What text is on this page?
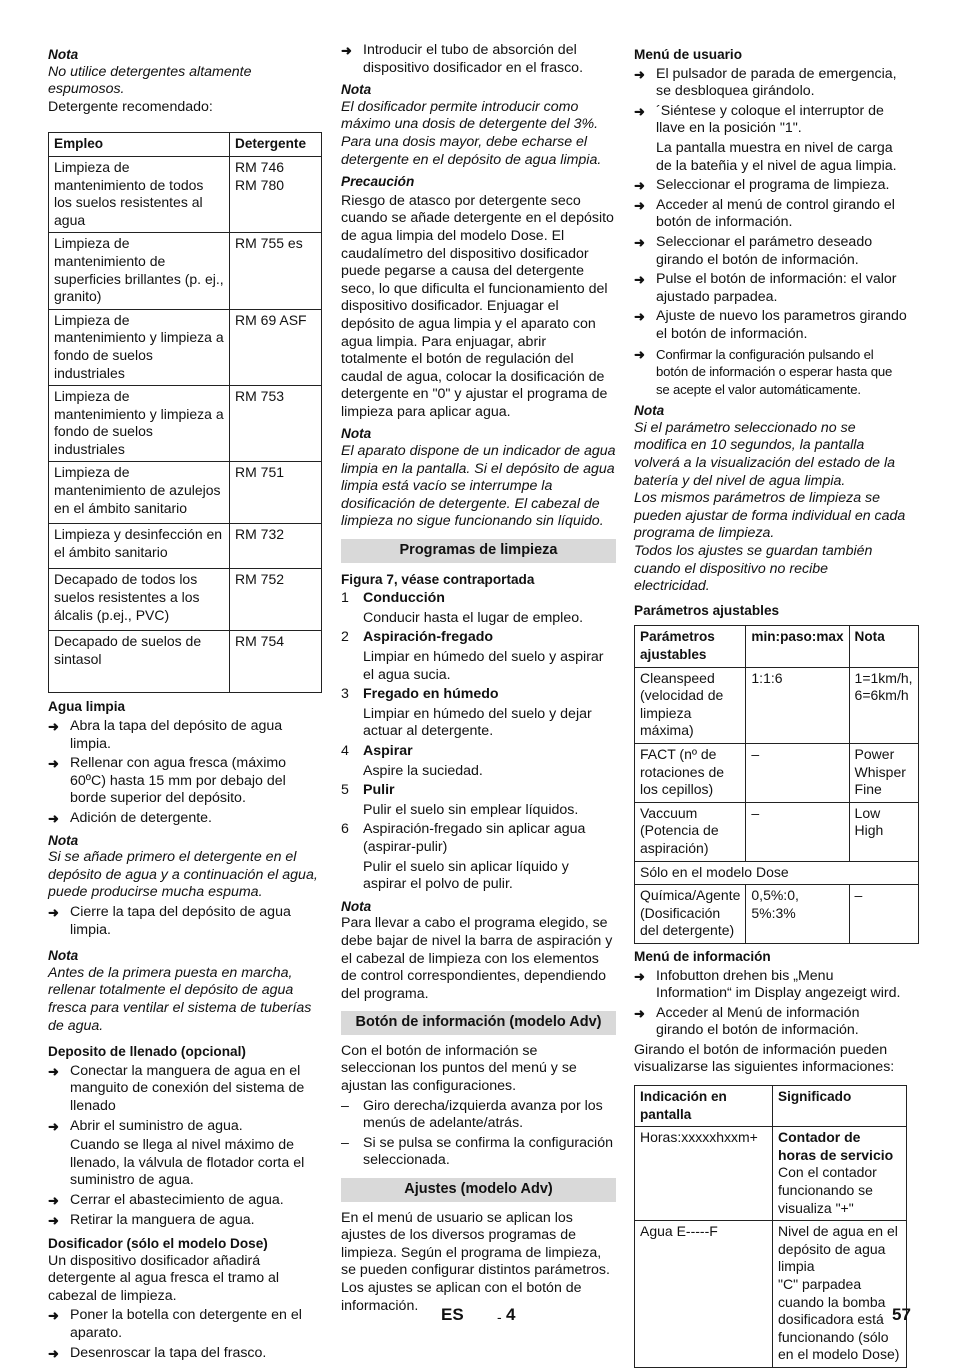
Nota
No utilice detergentes altamente espumosos.
Detergente recomendado:
Empleo	Detergente
Limpieza de mantenimiento de todos los suelos resistentes al agua	RM 746
RM 780
Limpieza de mantenimiento de superficies brillantes (p. ej., granito)	RM 755 es
Limpieza de mantenimiento y limpieza a fondo de suelos industriales	RM 69 ASF
Limpieza de mantenimiento y limpieza a fondo de suelos industriales	RM 753
Limpieza de mantenimiento de azulejos en el ámbito sanitario	RM 751
Limpieza y desinfección en el ámbito sanitario	RM 732
Decapado de todos los suelos resistentes a los álcalis (p.ej., PVC)	RM 752
Decapado de suelos de sintasol	RM 754
Agua limpia
➜ Abra la tapa del depósito de agua limpia.
➜ Rellenar con agua fresca (máximo 60ºC) hasta 15 mm por debajo del borde superior del depósito.
➜ Adición de detergente.
Nota
Si se añade primero el detergente en el depósito de agua y a continuación el agua, puede producirse mucha espuma.
➜ Cierre la tapa del depósito de agua limpia.
Nota
Antes de la primera puesta en marcha, rellenar totalmente el depósito de agua fresca para ventilar el sistema de tuberías de agua.
Deposito de llenado (opcional)
➜ Conectar la manguera de agua en el manguito de conexión del sistema de llenado
➜ Abrir el suministro de agua.
Cuando se llega al nivel máximo de llenado, la válvula de flotador corta el suministro de agua.
➜ Cerrar el abastecimiento de agua.
➜ Retirar la manguera de agua.
Dosificador (sólo el modelo Dose)
Un dispositivo dosificador añadirá detergente al agua fresca el tramo al cabezal de limpieza.
➜ Poner la botella con detergente en el aparato.
➜ Desenroscar la tapa del frasco.
➜ Introducir el tubo de absorción del dispositivo dosificador en el frasco.
Nota
El dosificador permite introducir como máximo una dosis de detergente del 3%. Para una dosis mayor, debe echarse el detergente en el depósito de agua limpia.
Precaución
Riesgo de atasco por detergente seco cuando se añade detergente en el depósito de agua limpia del modelo Dose. El caudalímetro del dispositivo dosificador puede pegarse a causa del detergente seco, lo que dificulta el funcionamiento del dispositivo dosificador. Enjuagar el depósito de agua limpia y el aparato con agua limpia. Para enjuagar, abrir totalmente el botón de regulación del caudal de agua, colocar la dosificación de detergente en "0" y ajustar el programa de limpieza para aplicar agua.
Nota
El aparato dispone de un indicador de agua limpia en la pantalla. Si el depósito de agua limpia está vacío se interrumpe la dosificación de detergente. El cabezal de limpieza no sigue funcionando sin líquido.
Programas de limpieza
Figura 7, véase contraportada
1 Conducción
Conducir hasta el lugar de empleo.
2 Aspiración-fregado
Limpiar en húmedo del suelo y aspirar el agua sucia.
3 Fregado en húmedo
Limpiar en húmedo del suelo y dejar actuar al detergente.
4 Aspirar
Aspire la suciedad.
5 Pulir
Pulir el suelo sin emplear líquidos.
6 Aspiración-fregado sin aplicar agua (aspirar-pulir)
Pulir el suelo sin aplicar líquido y aspirar el polvo de pulir.
Nota
Para llevar a cabo el programa elegido, se debe bajar de nivel la barra de aspiración y el cabezal de limpieza con los elementos de control correspondientes, dependiendo del programa.
Botón de información (modelo Adv)
Con el botón de información se seleccionan los puntos del menú y se ajustan las configuraciones.
– Giro derecha/izquierda avanza por los menús de adelante/atrás.
– Si se pulsa se confirma la configuración seleccionada.
Ajustes (modelo Adv)
En el menú de usuario se aplican los ajustes de los diversos programas de limpieza. Según el programa de limpieza, se pueden configurar distintos parámetros. Los ajustes se aplican con el botón de información.
Menú de usuario
➜ El pulsador de parada de emergencia, se desbloquea girándolo.
➜ ´Siéntese y coloque el interruptor de llave en la posición "1".
La pantalla muestra en nivel de carga de la bateñia y el nivel de agua limpia.
➜ Seleccionar el programa de limpieza.
➜ Acceder al menú de control girando el botón de información.
➜ Seleccionar el parámetro deseado girando el botón de información.
➜ Pulse el botón de información: el valor ajustado parpadea.
➜ Ajuste de nuevo los parametros girando el botón de información.
➜ Confirmar la configuración pulsando el botón de información o esperar hasta que se acepte el valor automáticamente.
Nota
Si el parámetro seleccionado no se modifica en 10 segundos, la pantalla volverá a la visualización del estado de la batería y del nivel de agua limpia.
Los mismos parámetros de limpieza se pueden ajustar de forma individual en cada programa de limpieza.
Todos los ajustes se guardan también cuando el dispositivo no recibe electricidad.
Parámetros ajustables
Parámetros ajustables	min:paso:max	Nota
Cleanspeed (velocidad de limpieza máxima)	1:1:6	1=1km/h, 6=6km/h
FACT (nº de rotaciones de los cepillos)	–	Power
Whisper
Fine
Vaccuum (Potencia de aspiración)	–	Low
High
Sólo en el modelo Dose		
Química/Agente (Dosificación del detergente)	0,5%:0, 5%:3%	–
Menú de información
➜ Infobutton drehen bis „Menu Information“ im Display angezeigt wird.
➜ Acceder al Menú de información girando el botón de información.
Girando el botón de información pueden visualizarse las siguientes informaciones:
Indicación en pantalla	Significado
Horas:xxxxxhxxm+	Contador de horas de servicio
Con el contador funcionando se visualiza "+"

Agua E-----F	Nivel de agua en el depósito de agua limpia
"C" parpadea cuando la bomba dosificadora está funcionando (sólo en el modelo Dose)
ES - 4	57
